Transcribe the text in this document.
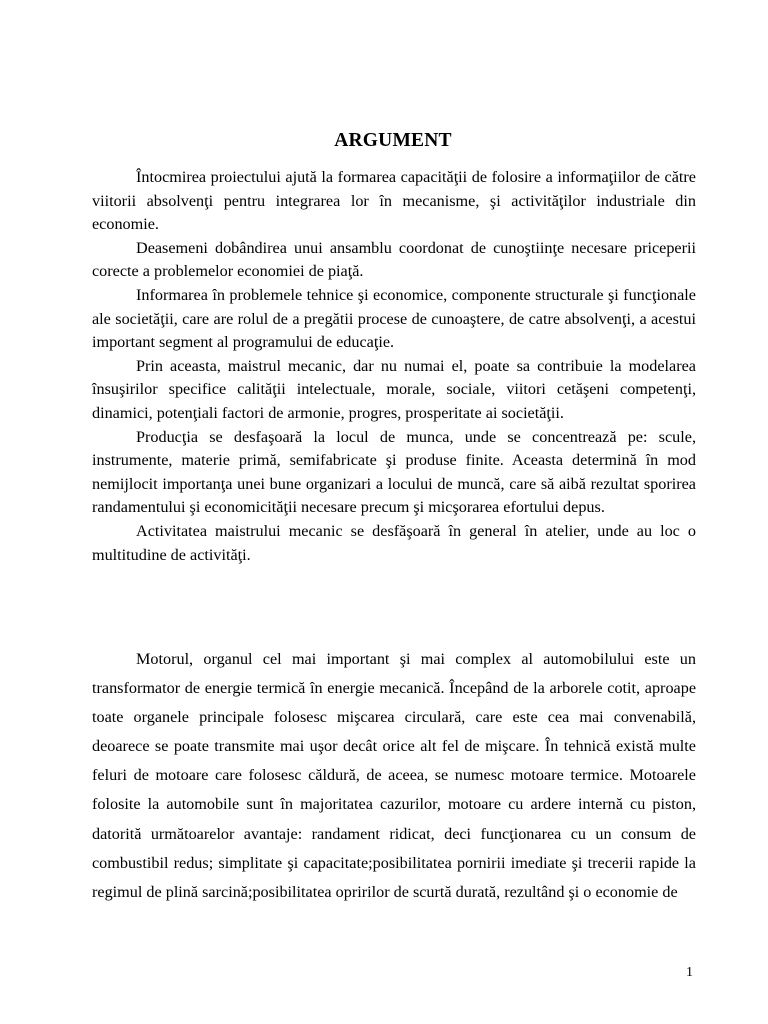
ARGUMENT

Întocmirea proiectului ajută la formarea capacităţii de folosire a informaţiilor de către viitorii absolvenţi pentru integrarea lor în mecanisme, şi activităţilor industriale din economie.

Deasemeni dobândirea unui ansamblu coordonat de cunoştiinţe necesare priceperii corecte a problemelor economiei de piaţă.

Informarea în problemele tehnice şi economice, componente structurale şi funcţionale ale societăţii, care are rolul de a pregătii procese de cunoaştere, de catre absolvenţi, a acestui important segment al programului de educaţie.

Prin aceasta, maistrul mecanic, dar nu numai el, poate sa contribuie la modelarea însuşirilor specifice calităţii intelectuale, morale, sociale, viitori cetăşeni competenţi, dinamici, potenţiali factori de armonie, progres, prosperitate ai societăţii.

Producţia se desfaşoară la locul de munca, unde se concentrează pe: scule, instrumente, materie primă, semifabricate şi produse finite. Aceasta determină în mod nemijlocit importanţa unei bune organizari a locului de muncă, care să aibă rezultat sporirea randamentului şi economicităţii necesare precum şi micşorarea efortului depus.

Activitatea maistrului mecanic se desfăşoară în general în atelier, unde au loc o multitudine de activităţi.

Motorul, organul cel mai important şi mai complex al automobilului este un transformator de energie termică în energie mecanică. Începând de la arborele cotit, aproape toate organele principale folosesc mişcarea circulară, care este cea mai convenabilă, deoarece se poate transmite mai uşor decât orice alt fel de mişcare. În tehnică există multe feluri de motoare care folosesc căldură, de aceea, se numesc motoare termice. Motoarele folosite la automobile sunt în majoritatea cazurilor, motoare cu ardere internă cu piston, datorită următoarelor avantaje: randament ridicat, deci funcţionarea cu un consum de combustibil redus; simplitate şi capacitate;posibilitatea pornirii imediate şi trecerii rapide la regimul de plină sarcină;posibilitatea opririlor de scurtă durată, rezultând şi o economie de

1
